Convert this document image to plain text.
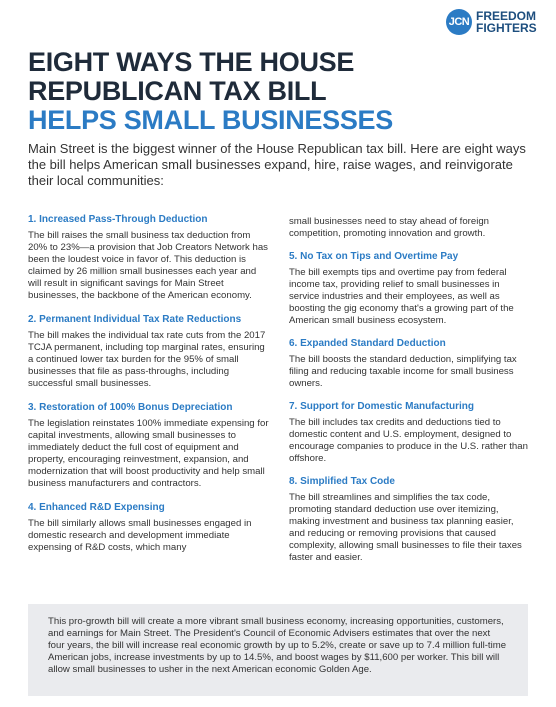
JCN FREEDOM
FIGHTERS
EIGHT WAYS THE HOUSE
REPUBLICAN TAX BILL
HELPS SMALL BUSINESSES

Main Street is the biggest winner of the House Republican tax bill. Here are eight ways the bill helps American small businesses expand, hire, raise wages, and reinvigorate their local communities:

1. Increased Pass-Through Deduction
The bill raises the small business tax deduction from 20% to 23%—a provision that Job Creators Network has been the loudest voice in favor of. This deduction is claimed by 26 million small businesses each year and will result in significant savings for Main Street businesses, the backbone of the American economy.
2. Permanent Individual Tax Rate Reductions
The bill makes the individual tax rate cuts from the 2017 TCJA permanent, including top marginal rates, ensuring a continued lower tax burden for the 95% of small businesses that file as pass-throughs, including successful small businesses.
3. Restoration of 100% Bonus Depreciation
The legislation reinstates 100% immediate expensing for capital investments, allowing small businesses to immediately deduct the full cost of equipment and property, encouraging reinvestment, expansion, and modernization that will boost productivity and help small business manufacturers and contractors.
4. Enhanced R&D Expensing
The bill similarly allows small businesses engaged in domestic research and development immediate expensing of R&D costs, which many
small businesses need to stay ahead of foreign competition, promoting innovation and growth.
5. No Tax on Tips and Overtime Pay
The bill exempts tips and overtime pay from federal income tax, providing relief to small businesses in service industries and their employees, as well as boosting the gig economy that's a growing part of the American small business ecosystem.
6. Expanded Standard Deduction
The bill boosts the standard deduction, simplifying tax filing and reducing taxable income for small business owners.
7. Support for Domestic Manufacturing
The bill includes tax credits and deductions tied to domestic content and U.S. employment, designed to encourage companies to produce in the U.S. rather than offshore.
8. Simplified Tax Code
The bill streamlines and simplifies the tax code, promoting standard deduction use over itemizing, making investment and business tax planning easier, and reducing or removing provisions that caused complexity, allowing small businesses to file their taxes faster and easier.

This pro-growth bill will create a more vibrant small business economy, increasing opportunities, customers, and earnings for Main Street. The President's Council of Economic Advisers estimates that over the next four years, the bill will increase real economic growth by up to 5.2%, create or save up to 7.4 million full-time American jobs, increase investments by up to 14.5%, and boost wages by $11,600 per worker. This bill will allow small businesses to usher in the next American economic Golden Age.
